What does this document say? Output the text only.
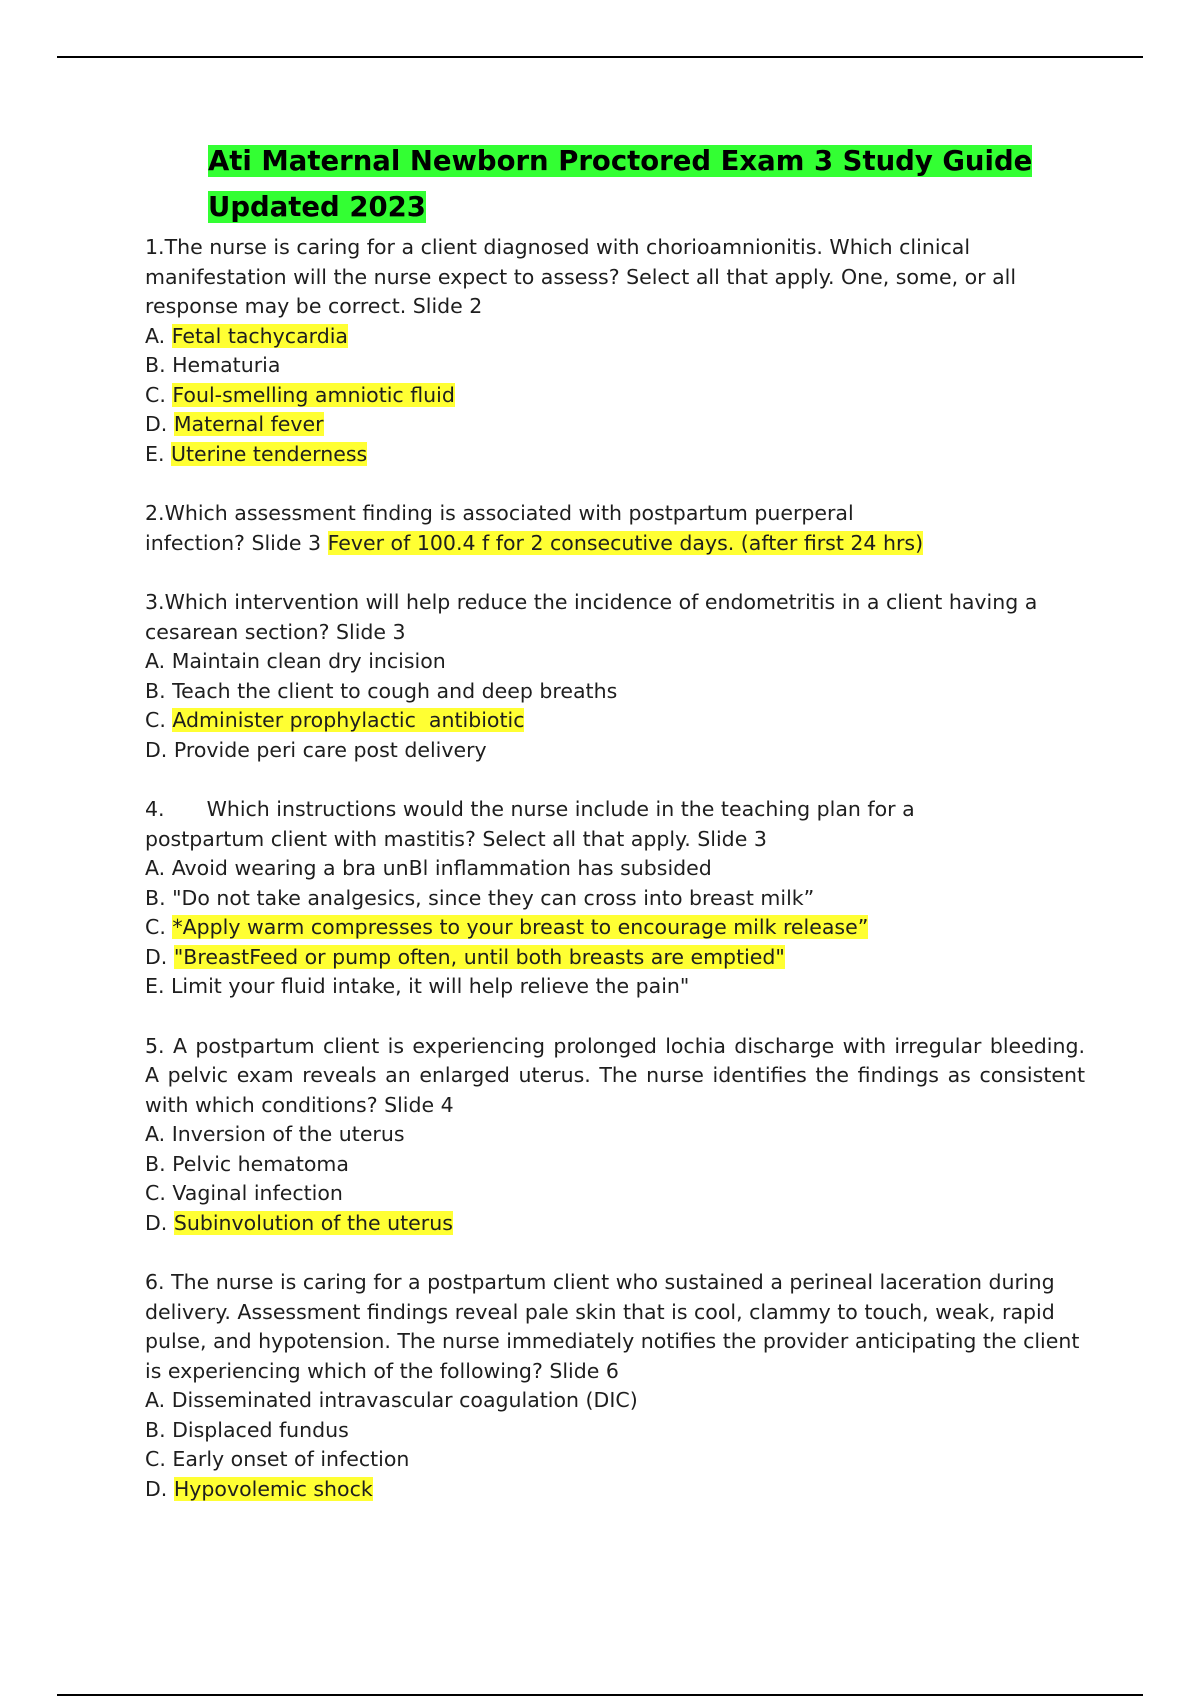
Ati Maternal Newborn Proctored Exam 3 Study Guide
Updated 2023
1.The nurse is caring for a client diagnosed with chorioamnionitis. Which clinical manifestation will the nurse expect to assess? Select all that apply. One, some, or all response may be correct. Slide 2
A. Fetal tachycardia
B. Hematuria
C. Foul-smelling amniotic fluid
D. Maternal fever
E. Uterine tenderness
2.Which assessment finding is associated with postpartum puerperal
infection? Slide 3 Fever of 100.4 f for 2 consecutive days. (after first 24 hrs)
3.Which intervention will help reduce the incidence of endometritis in a client having a cesarean section? Slide 3
A. Maintain clean dry incision
B. Teach the client to cough and deep breaths
C. Administer prophylactic  antibiotic
D. Provide peri care post delivery
4. Which instructions would the nurse include in the teaching plan for a
postpartum client with mastitis? Select all that apply. Slide 3
A. Avoid wearing a bra unBl inflammation has subsided
B. "Do not take analgesics, since they can cross into breast milk”
C. *Apply warm compresses to your breast to encourage milk release”
D. "BreastFeed or pump often, until both breasts are emptied"
E. Limit your fluid intake, it will help relieve the pain"
5. A postpartum client is experiencing prolonged lochia discharge with irregular bleeding. A pelvic exam reveals an enlarged uterus. The nurse identifies the findings as consistent with which conditions? Slide 4
A. Inversion of the uterus
B. Pelvic hematoma
C. Vaginal infection
D. Subinvolution of the uterus
6. The nurse is caring for a postpartum client who sustained a perineal laceration during delivery. Assessment findings reveal pale skin that is cool, clammy to touch, weak, rapid pulse, and hypotension. The nurse immediately notifies the provider anticipating the client is experiencing which of the following? Slide 6
A. Disseminated intravascular coagulation (DIC)
B. Displaced fundus
C. Early onset of infection
D. Hypovolemic shock
